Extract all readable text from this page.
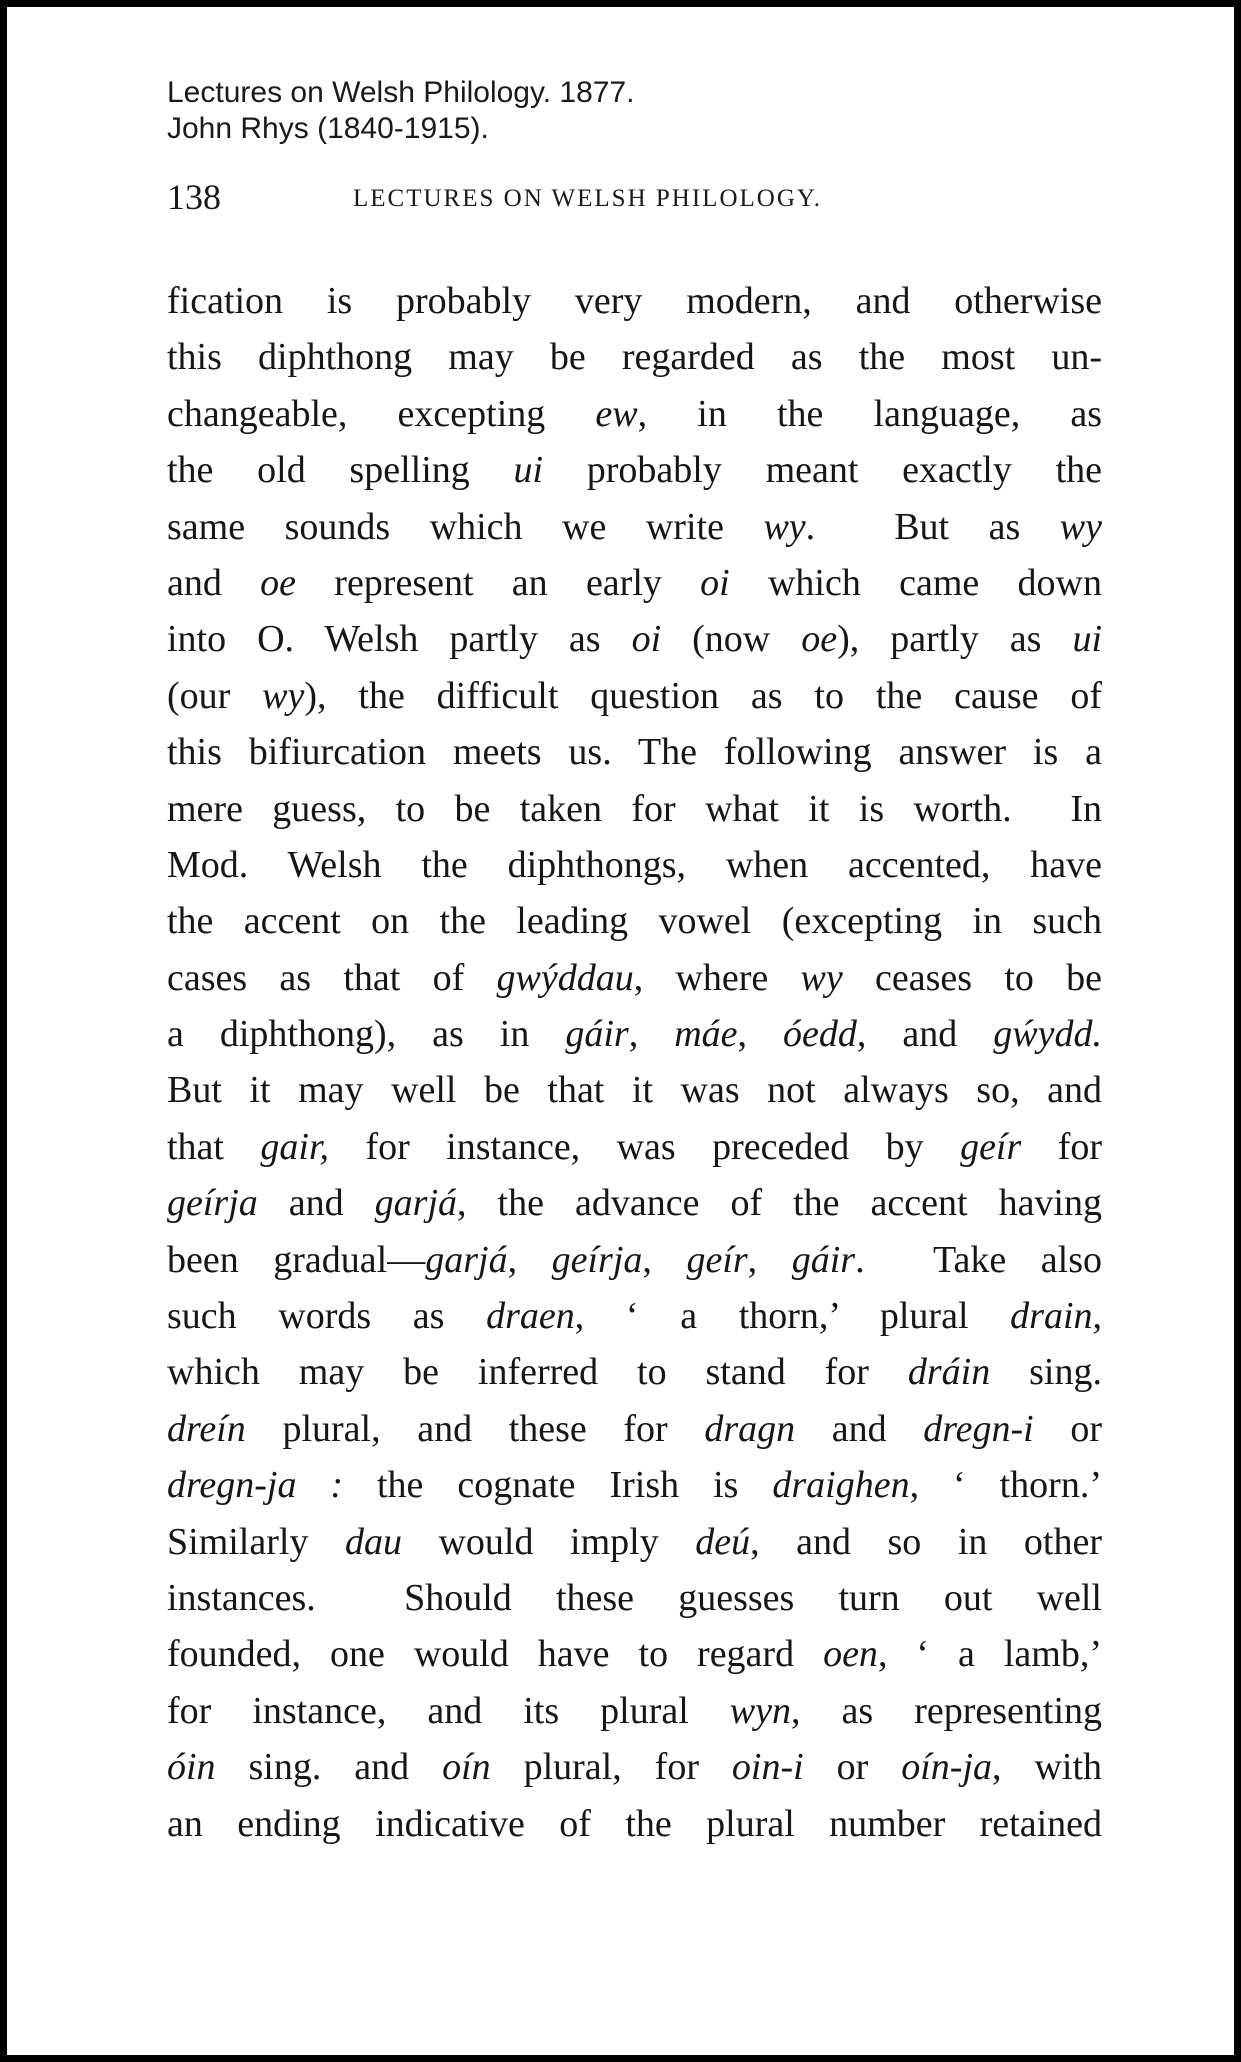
Lectures on Welsh Philology. 1877.
John Rhys (1840-1915).
138	LECTURES ON WELSH PHILOLOGY.
fication is probably very modern, and otherwise
this diphthong may be regarded as the most un-
changeable, excepting ew, in the language, as
the old spelling ui probably meant exactly the
same sounds which we write wy.  But as wy
and oe represent an early oi which came down
into O. Welsh partly as oi (now oe), partly as ui
(our wy), the difficult question as to the cause of
this bifiurcation meets us. The following answer is a
mere guess, to be taken for what it is worth.  In
Mod. Welsh the diphthongs, when accented, have
the accent on the leading vowel (excepting in such
cases as that of gwýddau, where wy ceases to be
a diphthong), as in gáir, máe, óedd, and gẃydd.
But it may well be that it was not always so, and
that gair, for instance, was preceded by geír for
geírja and garjá, the advance of the accent having
been gradual—garjá, geírja, geír, gáir.  Take also
such words as draen, ‘ a thorn,’ plural drain,
which may be inferred to stand for dráin sing.
dreín plural, and these for dragn and dregn-i or
dregn-ja : the cognate Irish is draighen, ‘ thorn.’
Similarly dau would imply deú, and so in other
instances.  Should these guesses turn out well
founded, one would have to regard oen, ‘ a lamb,’
for instance, and its plural wyn, as representing
óin sing. and oín plural, for oin-i or oín-ja, with
an ending indicative of the plural number retained
